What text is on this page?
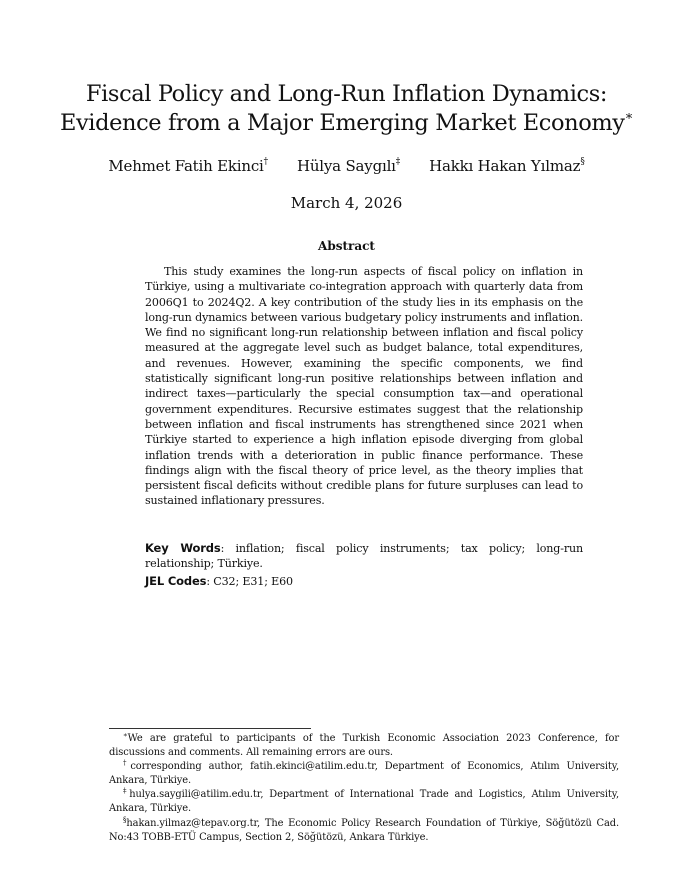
Fiscal Policy and Long-Run Inflation Dynamics:
Evidence from a Major Emerging Market Economy∗
Mehmet Fatih Ekinci† Hülya Saygılı‡ Hakkı Hakan Yılmaz§
March 4, 2026
Abstract
This study examines the long-run aspects of fiscal policy on inflation in Türkiye, using a multivariate co-integration approach with quarterly data from 2006Q1 to 2024Q2. A key contribution of the study lies in its emphasis on the long-run dynamics between various budgetary policy instruments and inflation. We find no significant long-run relationship between inflation and fiscal policy measured at the aggregate level such as budget balance, total expenditures, and revenues. However, examining the specific components, we find statistically significant long-run positive relationships between inflation and indirect taxes—particularly the special consumption tax—and operational government expenditures. Recursive estimates suggest that the relationship between inflation and fiscal instruments has strengthened since 2021 when Türkiye started to experience a high inflation episode diverging from global inflation trends with a deterioration in public finance performance. These findings align with the fiscal theory of price level, as the theory implies that persistent fiscal deficits without credible plans for future surpluses can lead to sustained inflationary pressures.
Key Words: inflation; fiscal policy instruments; tax policy; long-run relationship; Türkiye.
JEL Codes: C32; E31; E60

∗We are grateful to participants of the Turkish Economic Association 2023 Conference, for discussions and comments. All remaining errors are ours.

†corresponding author, fatih.ekinci@atilim.edu.tr, Department of Economics, Atılım University, Ankara, Türkiye.

‡hulya.saygili@atilim.edu.tr, Department of International Trade and Logistics, Atılım University, Ankara, Türkiye.

§hakan.yilmaz@tepav.org.tr, The Economic Policy Research Foundation of Türkiye, Söğütözü Cad. No:43 TOBB-ETÜ Campus, Section 2, Söğütözü, Ankara Türkiye.
